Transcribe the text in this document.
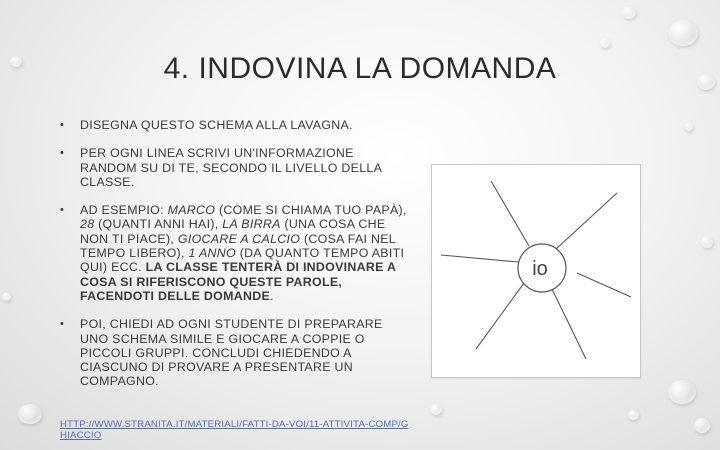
4. INDOVINA LA DOMANDA
• DISEGNA QUESTO SCHEMA ALLA LAVAGNA.
• PER OGNI LINEA SCRIVI UN'INFORMAZIONE RANDOM SU DI TE, SECONDO IL LIVELLO DELLA CLASSE.
• AD ESEMPIO: MARCO (COME SI CHIAMA TUO PAPÀ), 28 (QUANTI ANNI HAI), LA BIRRA (UNA COSA CHE NON TI PIACE), GIOCARE A CALCIO (COSA FAI NEL TEMPO LIBERO), 1 ANNO (DA QUANTO TEMPO ABITI QUI) ECC. LA CLASSE TENTERÀ DI INDOVINARE A COSA SI RIFERISCONO QUESTE PAROLE, FACENDOTI DELLE DOMANDE.
• POI, CHIEDI AD OGNI STUDENTE DI PREPARARE UNO SCHEMA SIMILE E GIOCARE A COPPIE O PICCOLI GRUPPI. CONCLUDI CHIEDENDO A CIASCUNO DI PROVARE A PRESENTARE UN COMPAGNO.
HTTP://WWW.STRANITA.IT/MATERIALI/FATTI-DA-VOI/11-ATTIVITA-COMP/GHIACCIO
io
